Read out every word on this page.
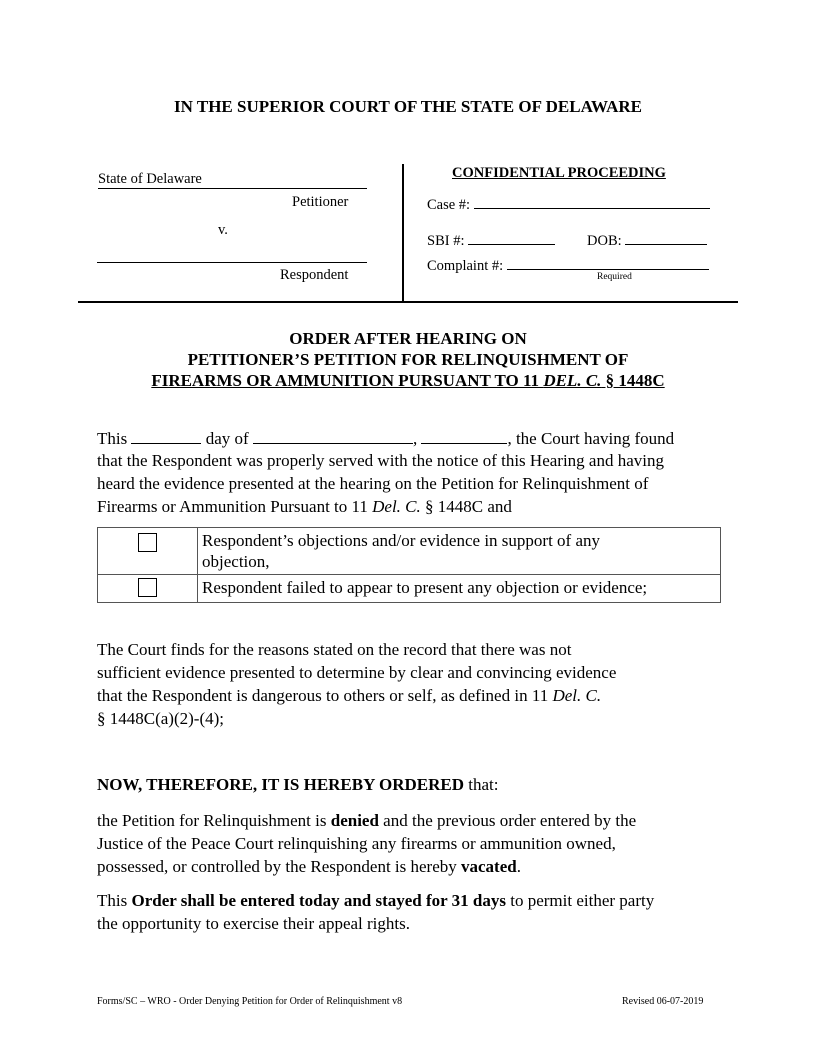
IN THE SUPERIOR COURT OF THE STATE OF DELAWARE
State of Delaware
Petitioner
v.
Respondent
CONFIDENTIAL PROCEEDING
Case #:
SBI #:	DOB:
Complaint #:
Required
ORDER AFTER HEARING ON
PETITIONER’S PETITION FOR RELINQUISHMENT OF
FIREARMS OR AMMUNITION PURSUANT TO 11 DEL. C. § 1448C
This	day of	,	, the Court having found
that the Respondent was properly served with the notice of this Hearing and having
heard the evidence presented at the hearing on the Petition for Relinquishment of
Firearms or Ammunition Pursuant to 11 Del. C. § 1448C and

	Respondent’s objections and/or evidence in support of any
objection,

	Respondent failed to appear to present any objection or evidence;
The Court finds for the reasons stated on the record that there was not
sufficient evidence presented to determine by clear and convincing evidence
that the Respondent is dangerous to others or self, as defined in 11 Del. C.
§ 1448C(a)(2)-(4);
NOW, THEREFORE, IT IS HEREBY ORDERED that:
the Petition for Relinquishment is denied and the previous order entered by the
Justice of the Peace Court relinquishing any firearms or ammunition owned,
possessed, or controlled by the Respondent is hereby vacated.
This Order shall be entered today and stayed for 31 days to permit either party
the opportunity to exercise their appeal rights.
Forms/SC – WRO - Order Denying Petition for Order of Relinquishment v8	Revised 06-07-2019
